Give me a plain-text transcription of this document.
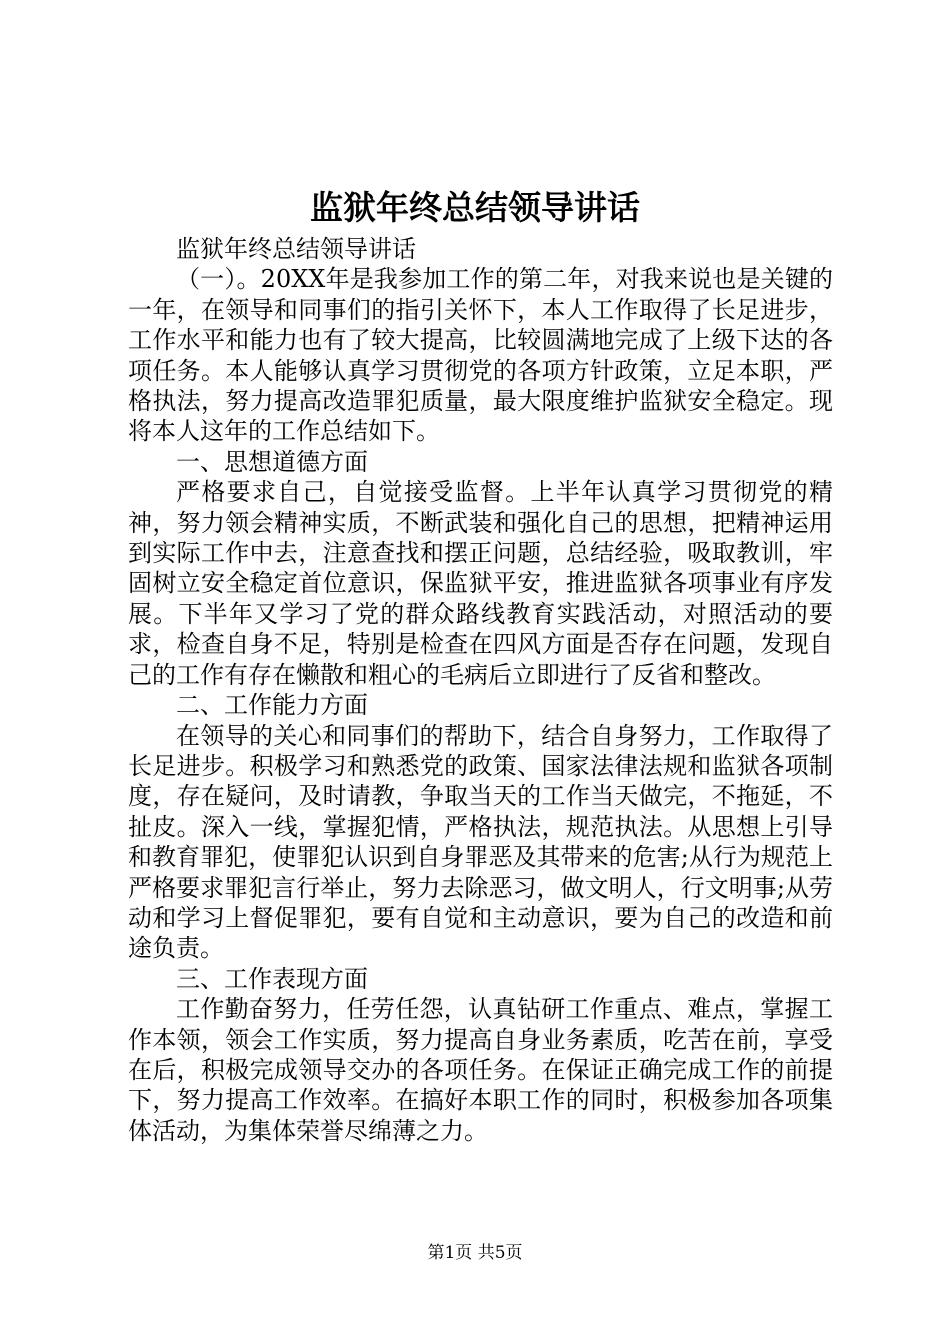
监狱年终总结领导讲话

监狱年终总结领导讲话

（一）。20XX年是我参加工作的第二年，对我来说也是关键的一年，在领导和同事们的指引关怀下，本人工作取得了长足进步，工作水平和能力也有了较大提高，比较圆满地完成了上级下达的各项任务。本人能够认真学习贯彻党的各项方针政策，立足本职，严格执法，努力提高改造罪犯质量，最大限度维护监狱安全稳定。现将本人这年的工作总结如下。

一、思想道德方面

严格要求自己，自觉接受监督。上半年认真学习贯彻党的精神，努力领会精神实质，不断武装和强化自己的思想，把精神运用到实际工作中去，注意查找和摆正问题，总结经验，吸取教训，牢固树立安全稳定首位意识，保监狱平安，推进监狱各项事业有序发展。下半年又学习了党的群众路线教育实践活动，对照活动的要求，检查自身不足，特别是检查在四风方面是否存在问题，发现自己的工作有存在懒散和粗心的毛病后立即进行了反省和整改。

二、工作能力方面

在领导的关心和同事们的帮助下，结合自身努力，工作取得了长足进步。积极学习和熟悉党的政策、国家法律法规和监狱各项制度，存在疑问，及时请教，争取当天的工作当天做完，不拖延，不扯皮。深入一线，掌握犯情，严格执法，规范执法。从思想上引导和教育罪犯，使罪犯认识到自身罪恶及其带来的危害;从行为规范上严格要求罪犯言行举止，努力去除恶习，做文明人，行文明事;从劳动和学习上督促罪犯，要有自觉和主动意识，要为自己的改造和前途负责。

三、工作表现方面

工作勤奋努力，任劳任怨，认真钻研工作重点、难点，掌握工作本领，领会工作实质，努力提高自身业务素质，吃苦在前，享受在后，积极完成领导交办的各项任务。在保证正确完成工作的前提下，努力提高工作效率。在搞好本职工作的同时，积极参加各项集体活动，为集体荣誉尽绵薄之力。

第1页 共5页
